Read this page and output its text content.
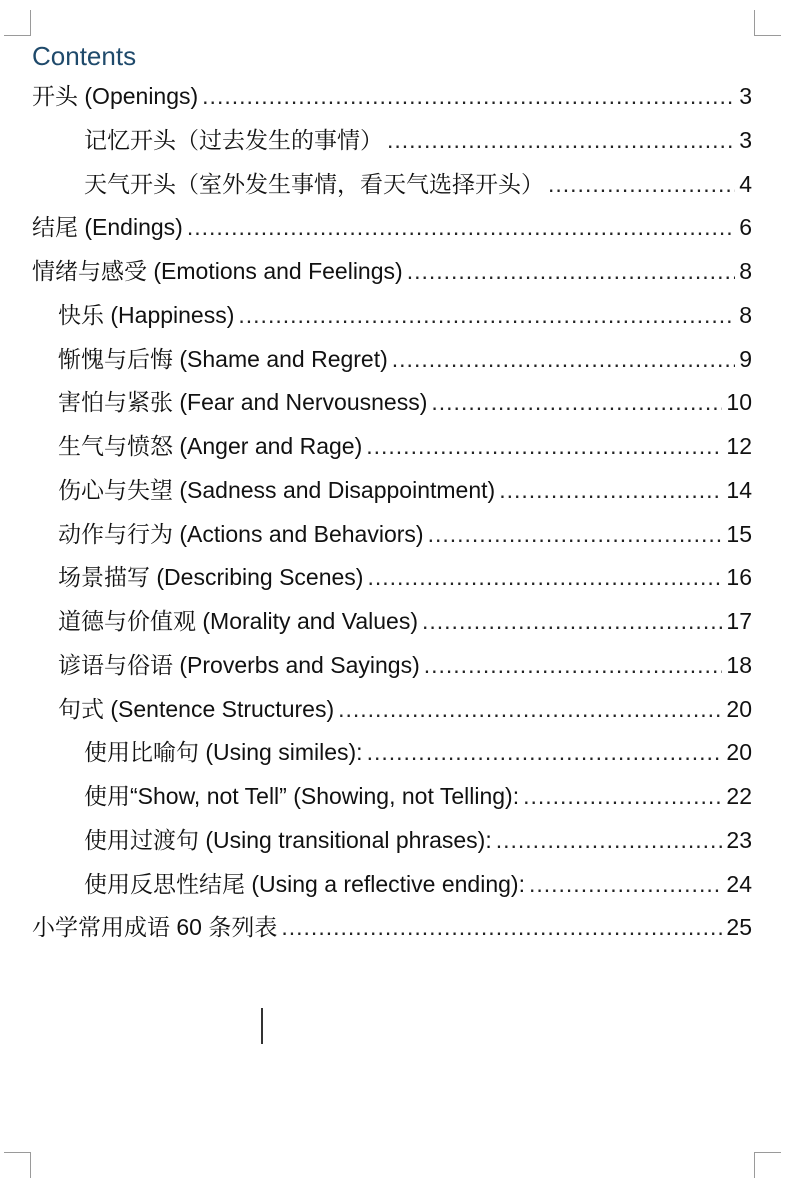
Contents
开头 (Openings) .....	3
记忆开头（过去发生的事情） .....	3
天气开头（室外发生事情，看天气选择开头） .....	4
结尾 (Endings) .....	6
情绪与感受 (Emotions and Feelings) .....	8
快乐 (Happiness) .....	8
惭愧与后悔 (Shame and Regret) .....	9
害怕与紧张 (Fear and Nervousness) .....	10
生气与愤怒 (Anger and Rage) .....	12
伤心与失望 (Sadness and Disappointment) .....	14
动作与行为 (Actions and Behaviors) .....	15
场景描写 (Describing Scenes) .....	16
道德与价值观 (Morality and Values) .....	17
谚语与俗语 (Proverbs and Sayings) .....	18
句式 (Sentence Structures) .....	20
使用比喻句 (Using similes): .....	20
使用“Show, not Tell” (Showing, not Telling): .....	22
使用过渡句 (Using transitional phrases): .....	23
使用反思性结尾 (Using a reflective ending): .....	24
小学常用成语 60 条列表 .....	25
